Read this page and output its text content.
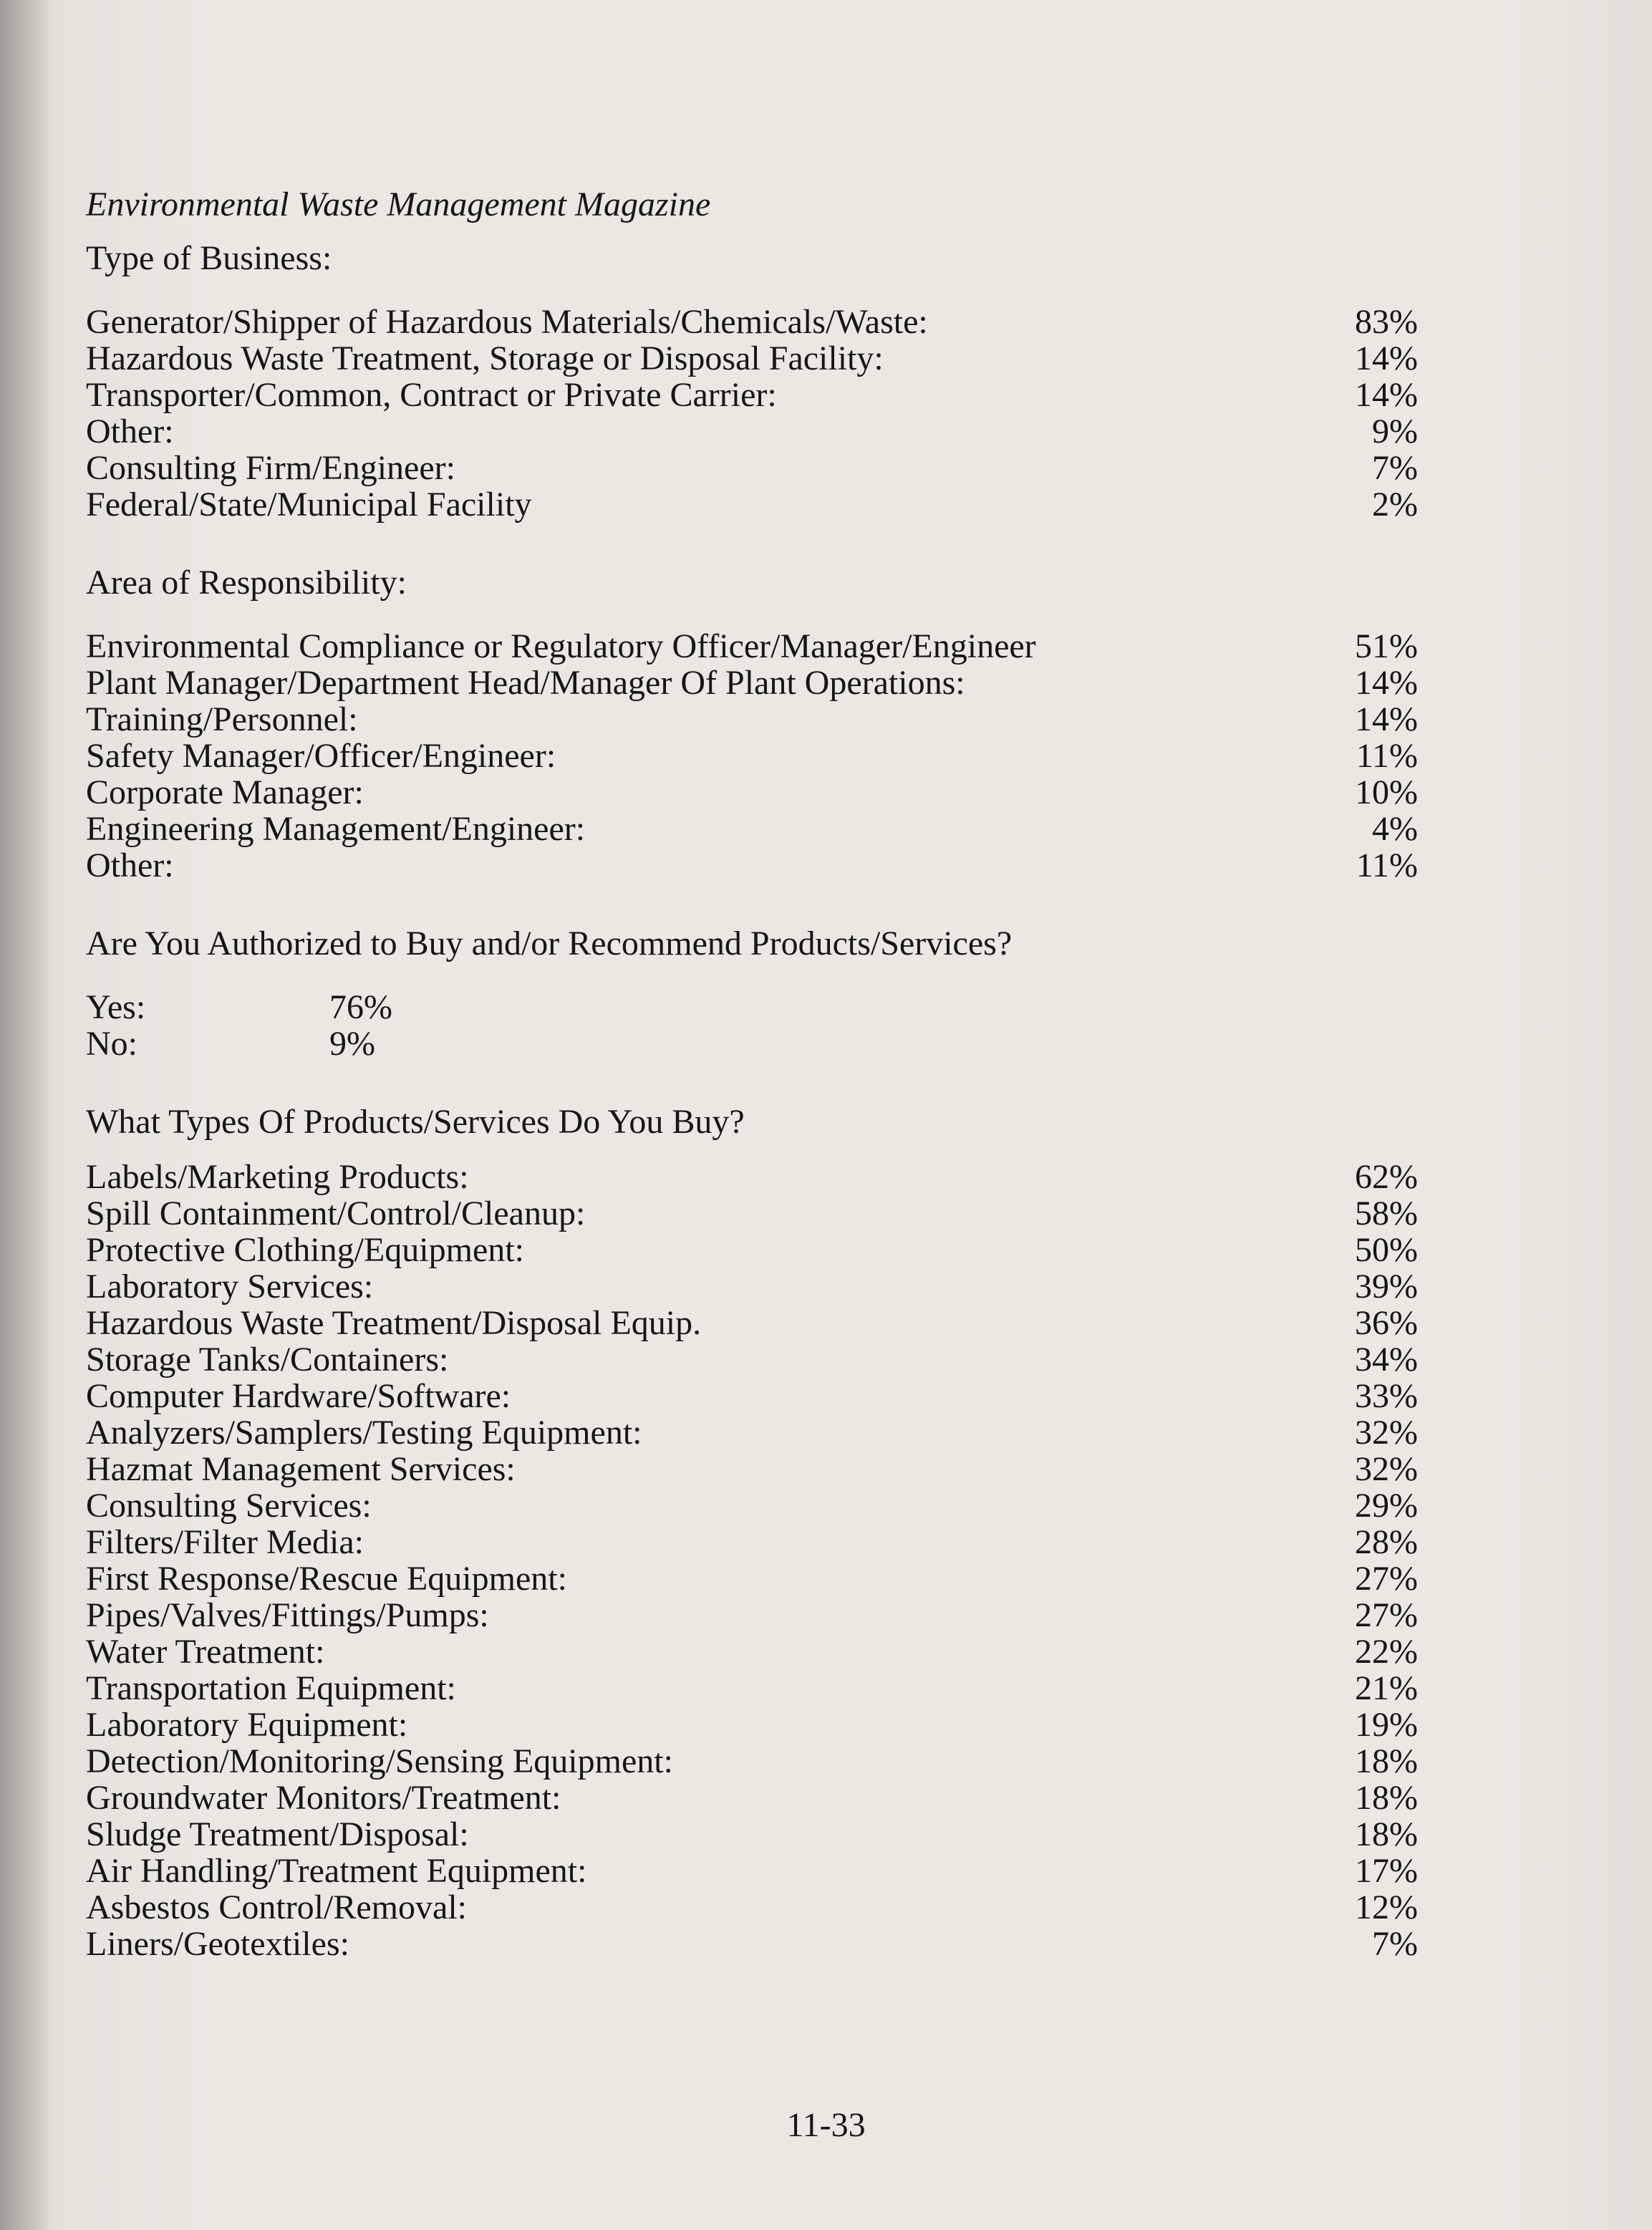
Environmental Waste Management Magazine
Type of Business:
Generator/Shipper of Hazardous Materials/Chemicals/Waste:	83%
Hazardous Waste Treatment, Storage or Disposal Facility:	14%
Transporter/Common, Contract or Private Carrier:	14%
Other:	9%
Consulting Firm/Engineer:	7%
Federal/State/Municipal Facility	2%
Area of Responsibility:
Environmental Compliance or Regulatory Officer/Manager/Engineer	51%
Plant Manager/Department Head/Manager Of Plant Operations:	14%
Training/Personnel:	14%
Safety Manager/Officer/Engineer:	11%
Corporate Manager:	10%
Engineering Management/Engineer:	4%
Other:	11%
Are You Authorized to Buy and/or Recommend Products/Services?
Yes:	76%
No:	9%
What Types Of Products/Services Do You Buy?
Labels/Marketing Products:	62%
Spill Containment/Control/Cleanup:	58%
Protective Clothing/Equipment:	50%
Laboratory Services:	39%
Hazardous Waste Treatment/Disposal Equip.	36%
Storage Tanks/Containers:	34%
Computer Hardware/Software:	33%
Analyzers/Samplers/Testing Equipment:	32%
Hazmat Management Services:	32%
Consulting Services:	29%
Filters/Filter Media:	28%
First Response/Rescue Equipment:	27%
Pipes/Valves/Fittings/Pumps:	27%
Water Treatment:	22%
Transportation Equipment:	21%
Laboratory Equipment:	19%
Detection/Monitoring/Sensing Equipment:	18%
Groundwater Monitors/Treatment:	18%
Sludge Treatment/Disposal:	18%
Air Handling/Treatment Equipment:	17%
Asbestos Control/Removal:	12%
Liners/Geotextiles:	7%
11-33
